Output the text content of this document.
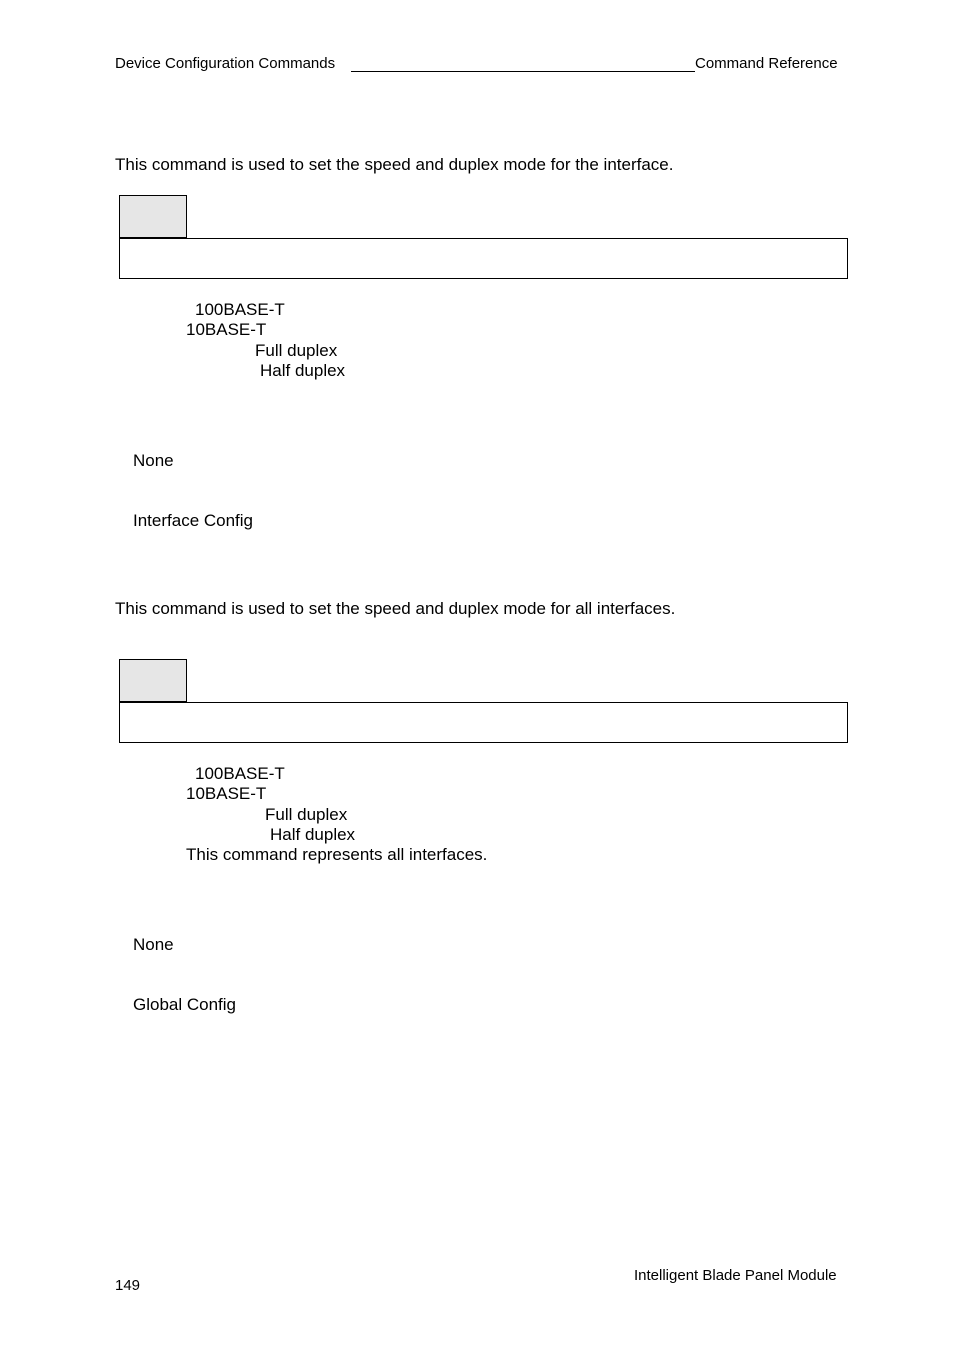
Device Configuration Commands	Command Reference
This command is used to set the speed and duplex mode for the interface.
100BASE-T
10BASE-T
Full duplex
Half duplex
None
Interface Config
This command is used to set the speed and duplex mode for all interfaces.
100BASE-T
10BASE-T
Full duplex
Half duplex
This command represents all interfaces.
None
Global Config
149
Intelligent Blade Panel Module
